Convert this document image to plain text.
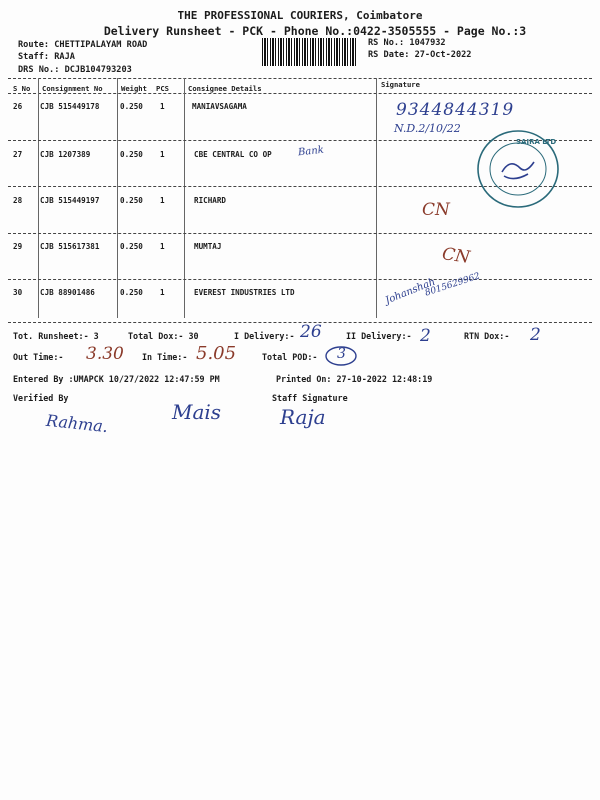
THE PROFESSIONAL COURIERS, Coimbatore
Delivery Runsheet - PCK - Phone No.:0422-3505555 - Page No.:3
Route: CHETTIPALAYAM ROAD
Staff: RAJA
DRS No.: DCJB104793203
RS No.: 1047932
RS Date: 27-Oct-2022
S No Consignment No	Weight PCS	Consignee Details	Signature
26 CJB 515449178	0.250 1	MANIAVSAGAMA
27 CJB 1207389	0.250 1	CBE CENTRAL CO OP
28 CJB 515449197	0.250 1	RICHARD
29 CJB 515617381	0.250 1	MUMTAJ
30 CJB 88901486	0.250 1	EVEREST INDUSTRIES LTD
9344844319
N.D.2/10/22
Bank
CN
CN
Johanshah
8015629962
SAIRA LTD
Tot. Runsheet:- 3	Total Dox:- 30	I Delivery:- 26	II Delivery:- 2	RTN Dox:- 2
Out Time:- 3.30 In Time:- 5.05	Total POD:- 3
Entered By :UMAPCK 10/27/2022 12:47:59 PM	Printed On: 27-10-2022 12:48:19
Verified By	Staff Signature
Rahma.	Mais	Raja
